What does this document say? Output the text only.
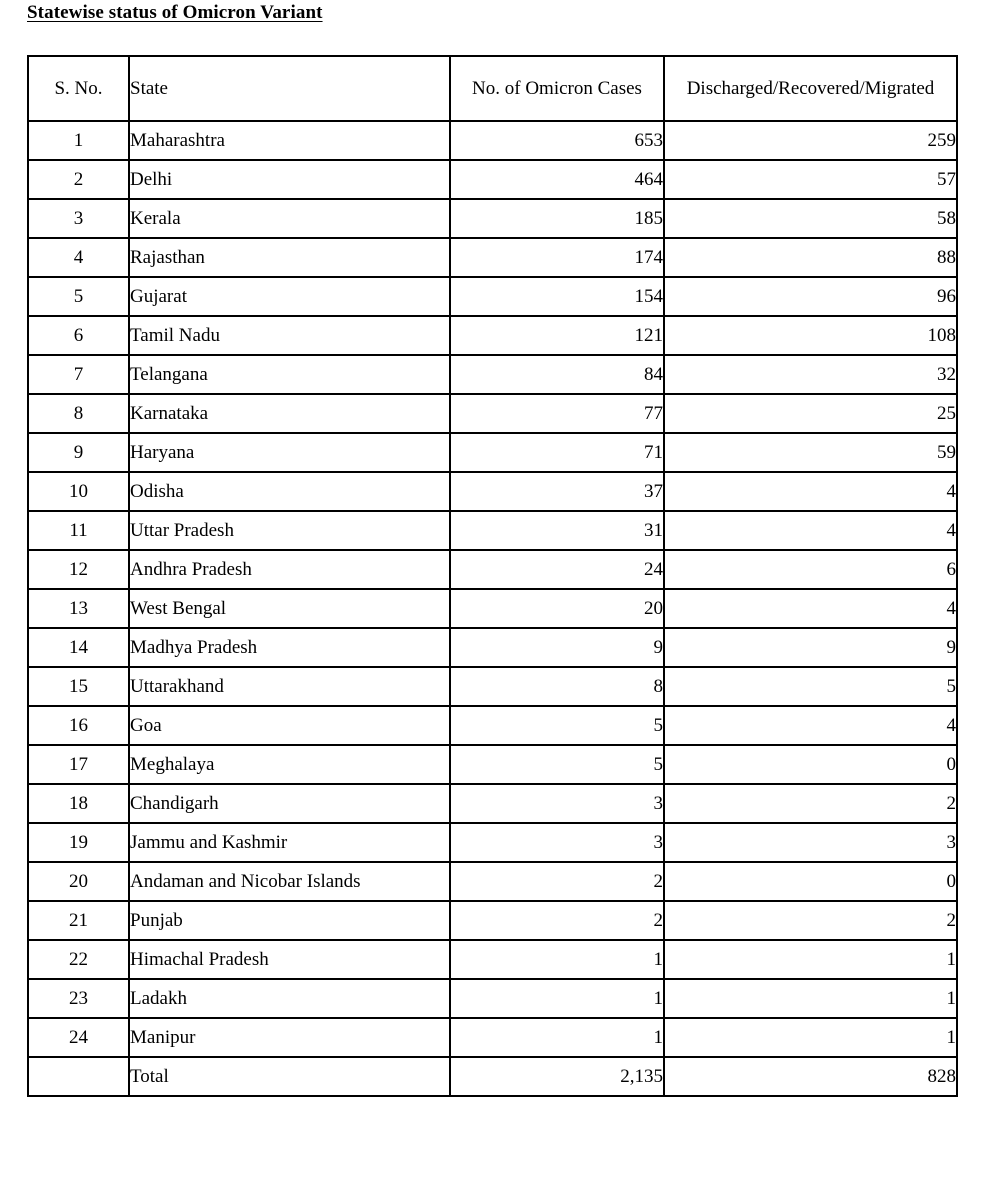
Statewise status of Omicron Variant
S. No.	State	No. of Omicron Cases	Discharged/Recovered/Migrated
1	Maharashtra	653	259
2	Delhi	464	57
3	Kerala	185	58
4	Rajasthan	174	88
5	Gujarat	154	96
6	Tamil Nadu	121	108
7	Telangana	84	32
8	Karnataka	77	25
9	Haryana	71	59
10	Odisha	37	4
11	Uttar Pradesh	31	4
12	Andhra Pradesh	24	6
13	West Bengal	20	4
14	Madhya Pradesh	9	9
15	Uttarakhand	8	5
16	Goa	5	4
17	Meghalaya	5	0
18	Chandigarh	3	2
19	Jammu and Kashmir	3	3
20	Andaman and Nicobar Islands	2	0
21	Punjab	2	2
22	Himachal Pradesh	1	1
23	Ladakh	1	1
24	Manipur	1	1
	Total	2,135	828
